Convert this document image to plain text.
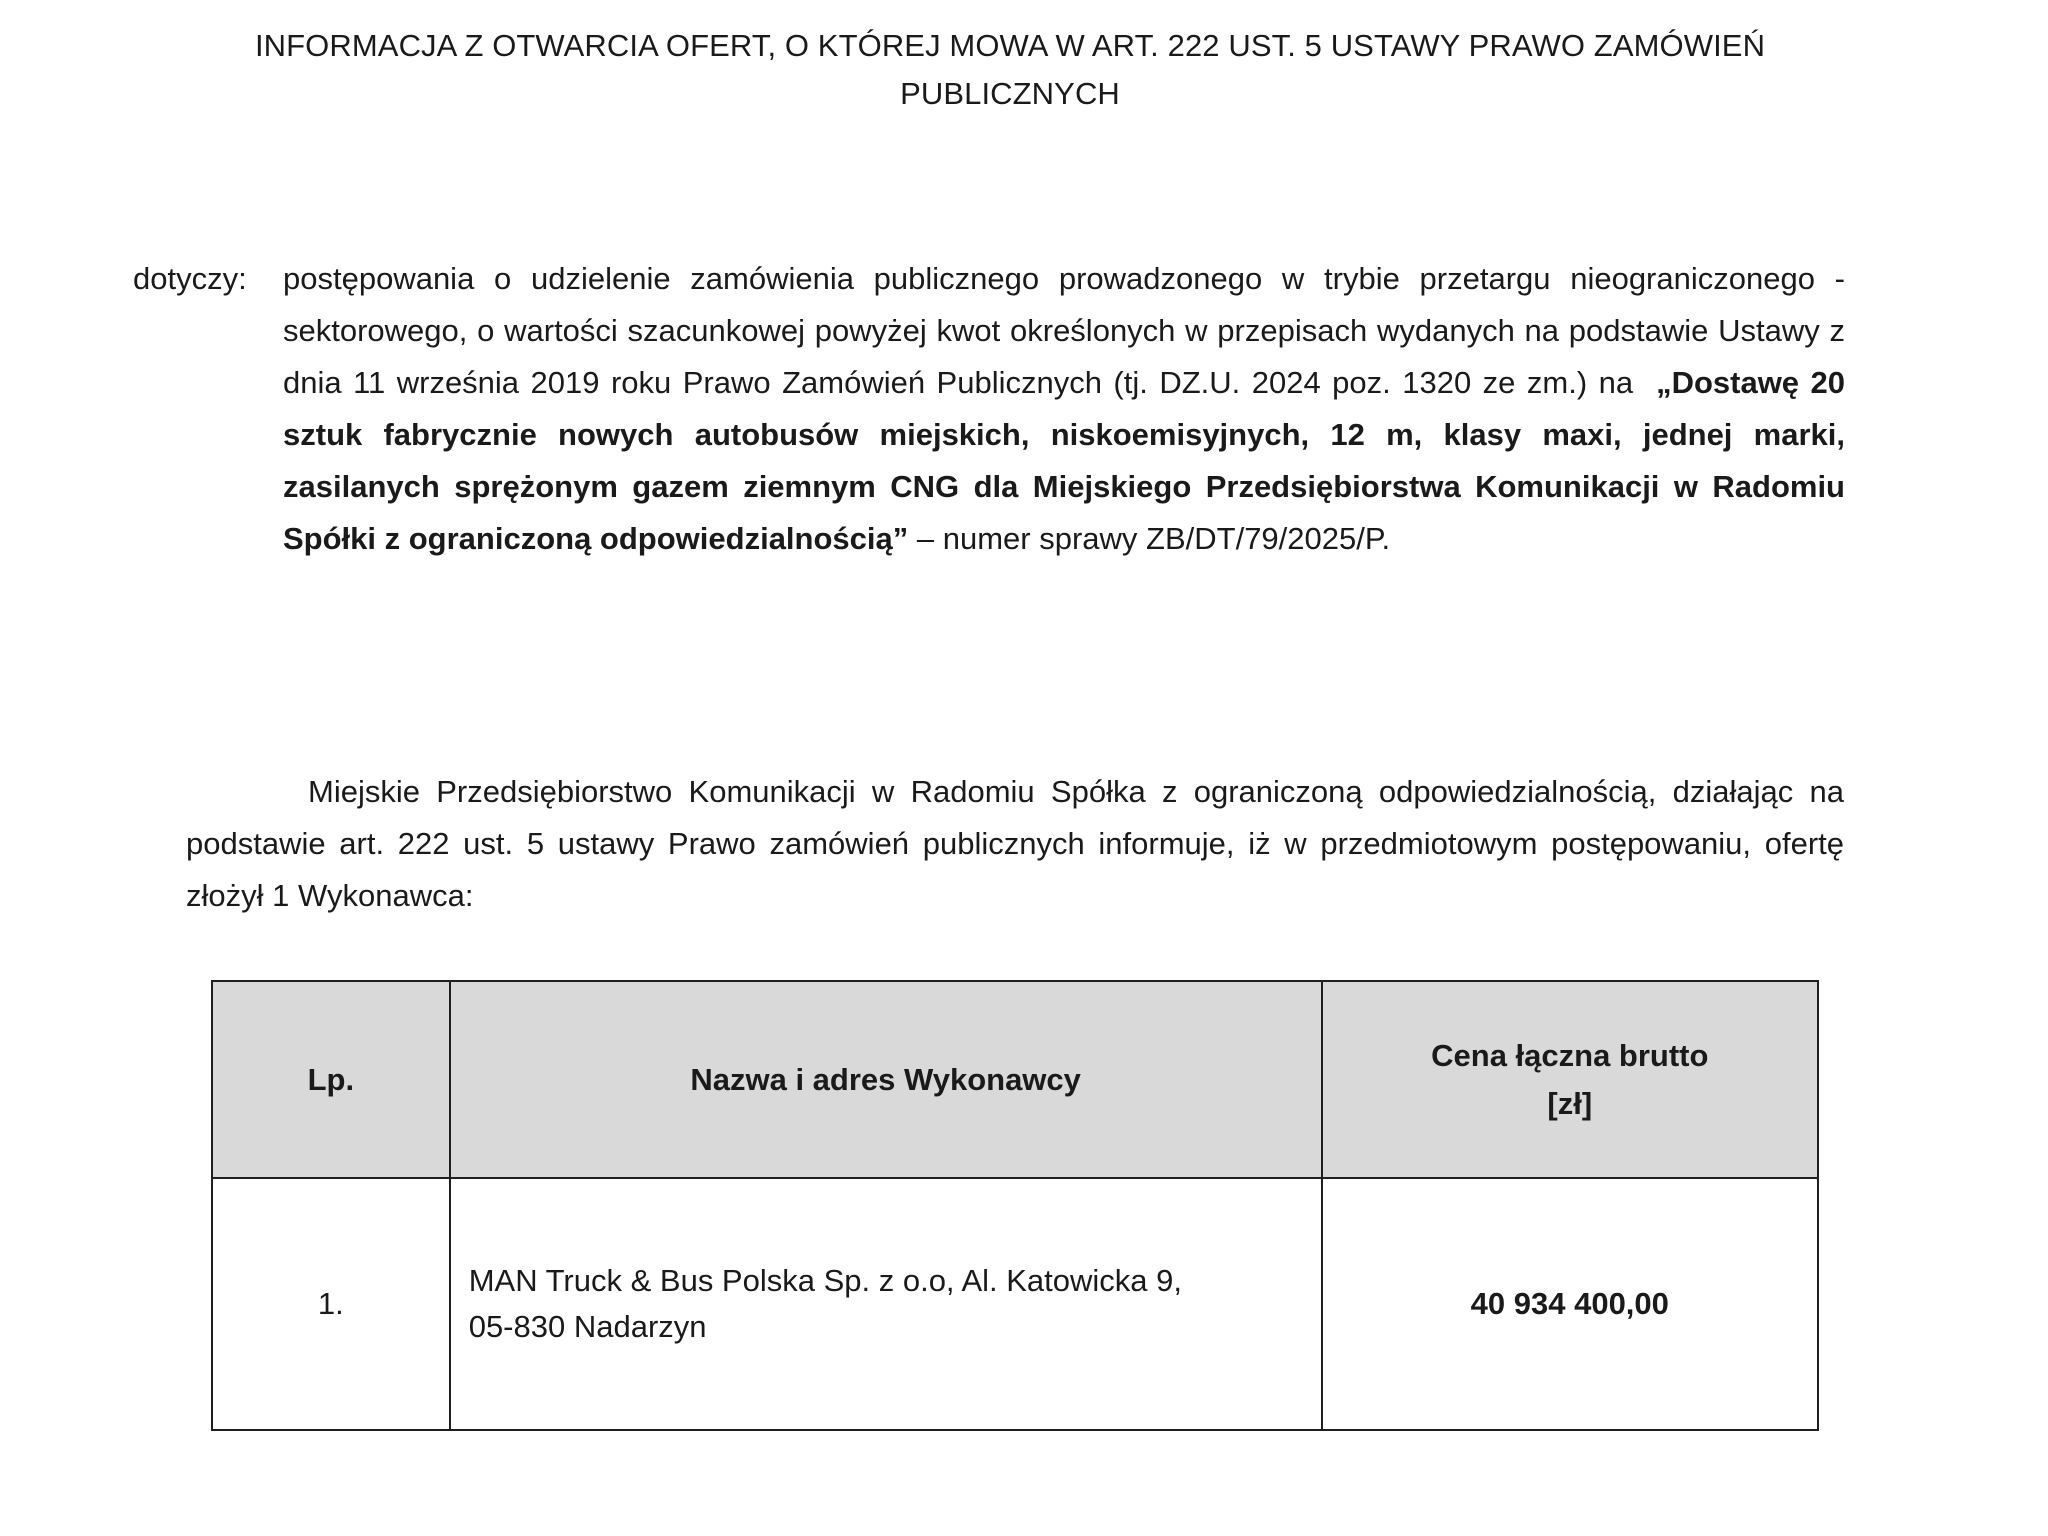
INFORMACJA Z OTWARCIA OFERT, O KTÓREJ MOWA W ART. 222 UST. 5 USTAWY PRAWO ZAMÓWIEŃ PUBLICZNYCH
dotyczy: postępowania o udzielenie zamówienia publicznego prowadzonego w trybie przetargu nieograniczonego - sektorowego, o wartości szacunkowej powyżej kwot określonych w przepisach wydanych na podstawie Ustawy z dnia 11 września 2019 roku Prawo Zamówień Publicznych (tj. DZ.U. 2024 poz. 1320 ze zm.) na „Dostawę 20 sztuk fabrycznie nowych autobusów miejskich, niskoemisyjnych, 12 m, klasy maxi, jednej marki, zasilanych sprężonym gazem ziemnym CNG dla Miejskiego Przedsiębiorstwa Komunikacji w Radomiu Spółki z ograniczoną odpowiedzialnością” – numer sprawy ZB/DT/79/2025/P.
Miejskie Przedsiębiorstwo Komunikacji w Radomiu Spółka z ograniczoną odpowiedzialnością, działając na podstawie art. 222 ust. 5 ustawy Prawo zamówień publicznych informuje, iż w przedmiotowym postępowaniu, ofertę złożył 1 Wykonawca:
Lp.	Nazwa i adres Wykonawcy	Cena łączna brutto
[zł]

1.	MAN Truck & Bus Polska Sp. z o.o, Al. Katowicka 9,
05-830 Nadarzyn	40 934 400,00
